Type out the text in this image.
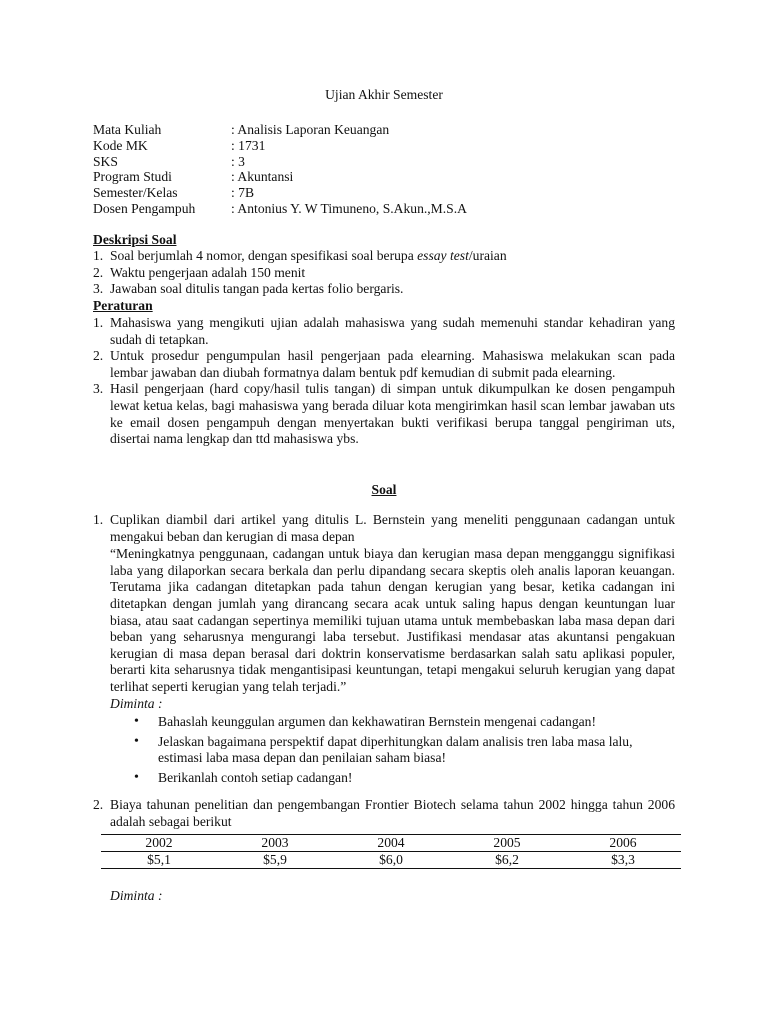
Ujian Akhir Semester
Mata Kuliah	: Analisis Laporan Keuangan
Kode MK	: 1731
SKS	: 3
Program Studi	: Akuntansi
Semester/Kelas	: 7B
Dosen Pengampuh	: Antonius Y. W Timuneno, S.Akun.,M.S.A
Deskripsi Soal
1. Soal berjumlah 4 nomor, dengan spesifikasi soal berupa essay test/uraian
2. Waktu pengerjaan adalah 150 menit
3. Jawaban soal ditulis tangan pada kertas folio bergaris.
Peraturan
1. Mahasiswa yang mengikuti ujian adalah mahasiswa yang sudah memenuhi standar kehadiran yang sudah di tetapkan.
2. Untuk prosedur pengumpulan hasil pengerjaan pada elearning. Mahasiswa melakukan scan pada lembar jawaban dan diubah formatnya dalam bentuk pdf kemudian di submit pada elearning.
3. Hasil pengerjaan (hard copy/hasil tulis tangan) di simpan untuk dikumpulkan ke dosen pengampuh lewat ketua kelas, bagi mahasiswa yang berada diluar kota mengirimkan hasil scan lembar jawaban uts ke email dosen pengampuh dengan menyertakan bukti verifikasi berupa tanggal pengiriman uts, disertai nama lengkap dan ttd mahasiswa ybs.
Soal
1. Cuplikan diambil dari artikel yang ditulis L. Bernstein yang meneliti penggunaan cadangan untuk mengakui beban dan kerugian di masa depan
“Meningkatnya penggunaan, cadangan untuk biaya dan kerugian masa depan mengganggu signifikasi laba yang dilaporkan secara berkala dan perlu dipandang secara skeptis oleh analis laporan keuangan. Terutama jika cadangan ditetapkan pada tahun dengan kerugian yang besar, ketika cadangan ini ditetapkan dengan jumlah yang dirancang secara acak untuk saling hapus dengan keuntungan luar biasa, atau saat cadangan sepertinya memiliki tujuan utama untuk membebaskan laba masa depan dari beban yang seharusnya mengurangi laba tersebut. Justifikasi mendasar atas akuntansi pengakuan kerugian di masa depan berasal dari doktrin konservatisme berdasarkan salah satu aplikasi populer, berarti kita seharusnya tidak mengantisipasi keuntungan, tetapi mengakui seluruh kerugian yang dapat terlihat seperti kerugian yang telah terjadi.”
Diminta :
•	Bahaslah keunggulan argumen dan kekhawatiran Bernstein mengenai cadangan!
•	Jelaskan bagaimana perspektif dapat diperhitungkan dalam analisis tren laba masa lalu, estimasi laba masa depan dan penilaian saham biasa!
•	Berikanlah contoh setiap cadangan!
2. Biaya tahunan penelitian dan pengembangan Frontier Biotech selama tahun 2002 hingga tahun 2006 adalah sebagai berikut
2002	2003	2004	2005	2006
$5,1	$5,9	$6,0	$6,2	$3,3
Diminta :
